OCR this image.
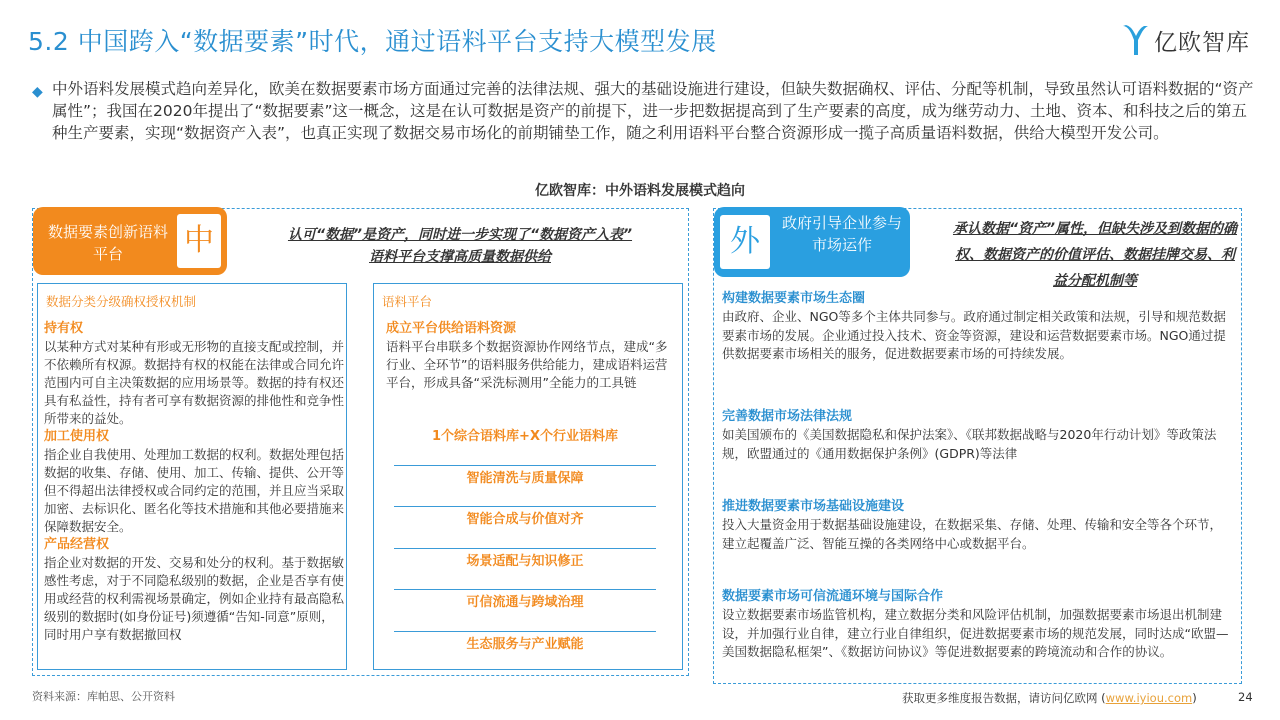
5.2 中国跨入“数据要素”时代，通过语料平台支持大模型发展	亿欧智库
◆ 中外语料发展模式趋向差异化，欧美在数据要素市场方面通过完善的法律法规、强大的基础设施进行建设，但缺失数据确权、评估、分配等机制，导致虽然认可语料数据的“资产属性”；我国在2020年提出了“数据要素”这一概念，这是在认可数据是资产的前提下，进一步把数据提高到了生产要素的高度，成为继劳动力、土地、资本、和科技之后的第五种生产要素，实现“数据资产入表”，也真正实现了数据交易市场化的前期铺垫工作，随之利用语料平台整合资源形成一揽子高质量语料数据，供给大模型开发公司。
亿欧智库：中外语料发展模式趋向
数据要素创新语料平台	中	认可“数据”是资产，同时进一步实现了“数据资产入表”
语料平台支撑高质量数据供给
数据分类分级确权授权机制
持有权
以某种方式对某种有形或无形物的直接支配或控制，并不依赖所有权源。数据持有权的权能在法律或合同允许范围内可自主决策数据的应用场景等。数据的持有权还具有私益性，持有者可享有数据资源的排他性和竞争性所带来的益处。
加工使用权
指企业自我使用、处理加工数据的权利。数据处理包括数据的收集、存储、使用、加工、传输、提供、公开等但不得超出法律授权或合同约定的范围，并且应当采取加密、去标识化、匿名化等技术措施和其他必要措施来保障数据安全。
产品经营权
指企业对数据的开发、交易和处分的权利。基于数据敏感性考虑，对于不同隐私级别的数据，企业是否享有使用或经营的权利需视场景确定，例如企业持有最高隐私级别的数据时(如身份证号)须遵循“告知-同意”原则，同时用户享有数据撤回权
语料平台
成立平台供给语料资源
语料平台串联多个数据资源协作网络节点，建成“多行业、全环节”的语料服务供给能力，建成语料运营平台，形成具备“采洗标测用”全能力的工具链
1个综合语料库+X个行业语料库
智能清洗与质量保障
智能合成与价值对齐
场景适配与知识修正
可信流通与跨域治理
生态服务与产业赋能
外
政府引导企业参与市场运作
承认数据“资产”属性，但缺失涉及到数据的确权、数据资产的价值评估、数据挂牌交易、利益分配机制等
构建数据要素市场生态圈
由政府、企业、NGO等多个主体共同参与。政府通过制定相关政策和法规，引导和规范数据要素市场的发展。企业通过投入技术、资金等资源，建设和运营数据要素市场。NGO通过提供数据要素市场相关的服务，促进数据要素市场的可持续发展。
完善数据市场法律法规
如美国颁布的《美国数据隐私和保护法案》、《联邦数据战略与2020年行动计划》等政策法规，欧盟通过的《通用数据保护条例》(GDPR)等法律
推进数据要素市场基础设施建设
投入大量资金用于数据基础设施建设，在数据采集、存储、处理、传输和安全等各个环节，建立起覆盖广泛、智能互操的各类网络中心或数据平台。
数据要素市场可信流通环境与国际合作
设立数据要素市场监管机构，建立数据分类和风险评估机制，加强数据要素市场退出机制建设，并加强行业自律，建立行业自律组织，促进数据要素市场的规范发展，同时达成“欧盟—美国数据隐私框架”、《数据访问协议》等促进数据要素的跨境流动和合作的协议。
资料来源：库帕思、公开资料	获取更多维度报告数据，请访问亿欧网 (www.iyiou.com)	24
